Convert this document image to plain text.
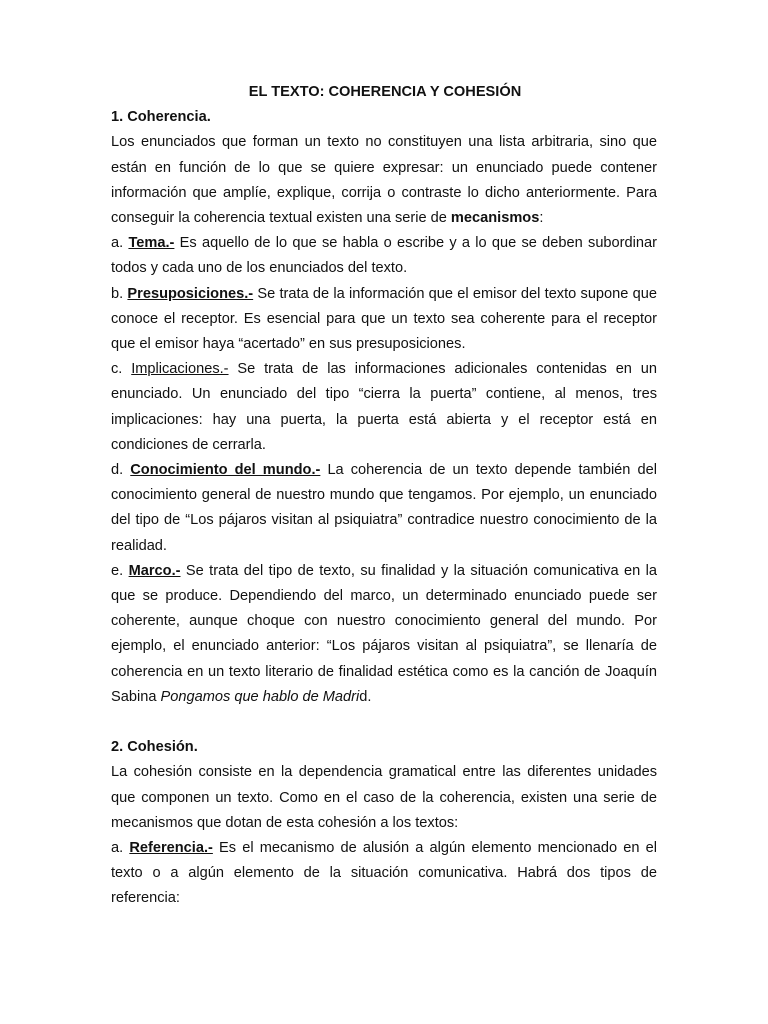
EL TEXTO: COHERENCIA Y COHESIÓN

1. Coherencia.

Los enunciados que forman un texto no constituyen una lista arbitraria, sino que están en función de lo que se quiere expresar: un enunciado puede contener información que amplíe, explique, corrija o contraste lo dicho anteriormente. Para conseguir la coherencia textual existen una serie de mecanismos:

a. Tema.- Es aquello de lo que se habla o escribe y a lo que se deben subordinar todos y cada uno de los enunciados del texto.

b. Presuposiciones.- Se trata de la información que el emisor del texto supone que conoce el receptor. Es esencial para que un texto sea coherente para el receptor que el emisor haya “acertado” en sus presuposiciones.

c. Implicaciones.- Se trata de las informaciones adicionales contenidas en un enunciado. Un enunciado del tipo “cierra la puerta” contiene, al menos, tres implicaciones: hay una puerta, la puerta está abierta y el receptor está en condiciones de cerrarla.

d. Conocimiento del mundo.- La coherencia de un texto depende también del conocimiento general de nuestro mundo que tengamos. Por ejemplo, un enunciado del tipo de “Los pájaros visitan al psiquiatra” contradice nuestro conocimiento de la realidad.

e. Marco.- Se trata del tipo de texto, su finalidad y la situación comunicativa en la que se produce. Dependiendo del marco, un determinado enunciado puede ser coherente, aunque choque con nuestro conocimiento general del mundo. Por ejemplo, el enunciado anterior: “Los pájaros visitan al psiquiatra”, se llenaría de coherencia en un texto literario de finalidad estética como es la canción de Joaquín Sabina Pongamos que hablo de Madrid.

2. Cohesión.

La cohesión consiste en la dependencia gramatical entre las diferentes unidades que componen un texto. Como en el caso de la coherencia, existen una serie de mecanismos que dotan de esta cohesión a los textos:

a. Referencia.- Es el mecanismo de alusión a algún elemento mencionado en el texto o a algún elemento de la situación comunicativa. Habrá dos tipos de referencia:
